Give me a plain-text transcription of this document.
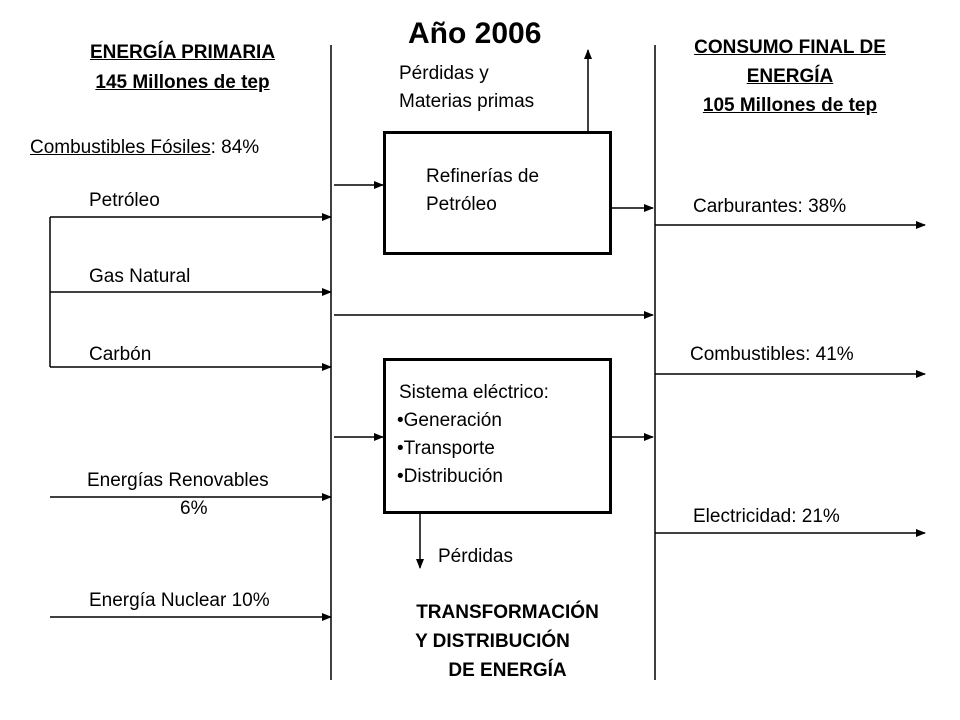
Año 2006
ENERGÍA PRIMARIA
145 Millones de tep
Combustibles Fósiles: 84%
Petróleo
Gas Natural
Carbón
Energías Renovables
6%
Energía Nuclear 10%
Pérdidas y
Materias primas
Refinerías de
Petróleo
Sistema eléctrico:
•Generación
•Transporte
•Distribución
Pérdidas
TRANSFORMACIÓN
Y DISTRIBUCIÓN
DE ENERGÍA
CONSUMO FINAL DE
ENERGÍA
105 Millones de tep
Carburantes: 38%
Combustibles: 41%
Electricidad: 21%
